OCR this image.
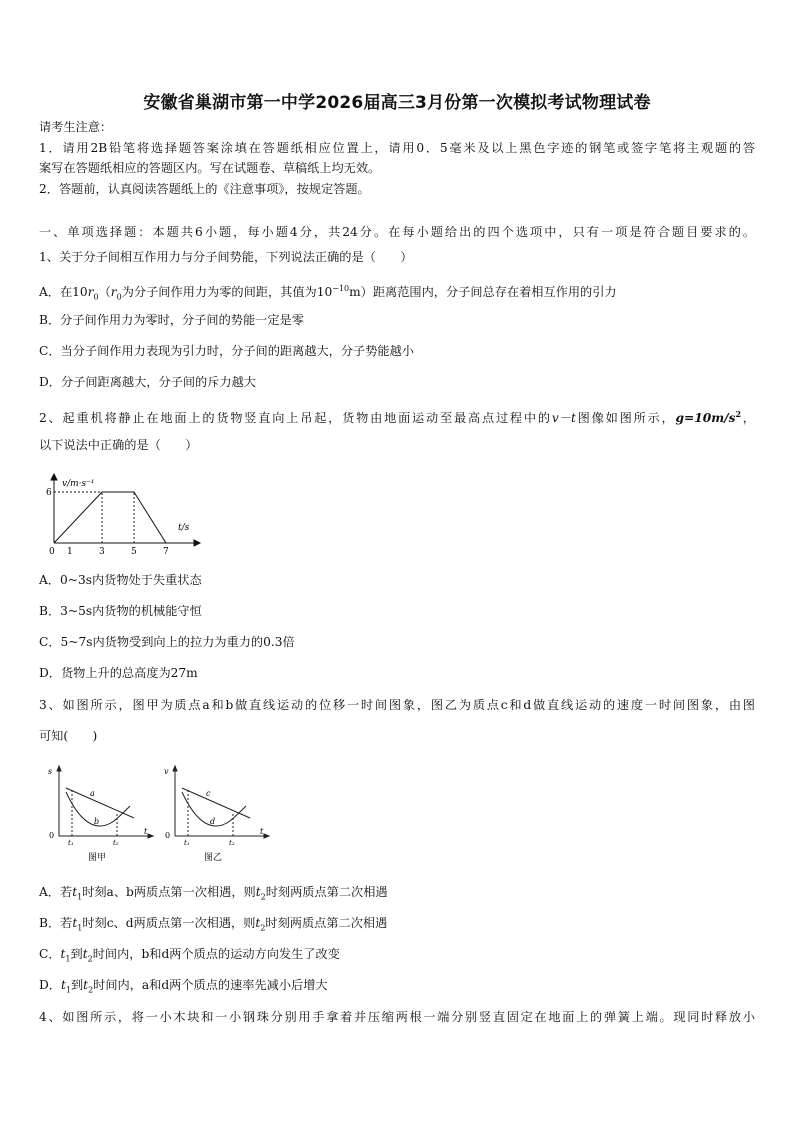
安徽省巢湖市第一中学2026届高三3月份第一次模拟考试物理试卷
请考生注意：
1．请用2B铅笔将选择题答案涂填在答题纸相应位置上，请用0．5毫米及以上黑色字迹的钢笔或签字笔将主观题的答
案写在答题纸相应的答题区内。写在试题卷、草稿纸上均无效。
2．答题前，认真阅读答题纸上的《注意事项》，按规定答题。
一、单项选择题：本题共6小题，每小题4分，共24分。在每小题给出的四个选项中，只有一项是符合题目要求的。
1、关于分子间相互作用力与分子间势能，下列说法正确的是（　　）
A．在$10r_0(r_0$为分子间作用力为零的间距，其值为$10^{-10}m$）距离范围内，分子间总存在着相互作用的引力
B．分子间作用力为零时，分子间的势能一定是零
C．当分子间作用力表现为引力时，分子间的距离越大，分子势能越小
D．分子间距离越大，分子间的斥力越大
2、起重机将静止在地面上的货物竖直向上吊起，货物由地面运动至最高点过程中的v－t图像如图所示，$g=10m/s^2$，
以下说法中正确的是（　　）
0 1	3	5	7
6
v/m·s⁻¹
t/s
A．0~3s内货物处于失重状态
B．3~5s内货物的机械能守恒
C．5~7s内货物受到向上的拉力为重力的0.3倍
D．货物上升的总高度为27m
3、如图所示，图甲为质点a和b做直线运动的位移一时间图象，图乙为质点c和d做直线运动的速度一时间图象，由图
可知(　　)
s
t
0
t₁	t₂
a
b
图甲
v
t
0
t₁	t₂
c
d
图乙
A．若$t_1$时刻a、b两质点第一次相遇，则$t_2$时刻两质点第二次相遇
B．若$t_1$时刻c、d两质点第一次相遇，则$t_2$时刻两质点第二次相遇
C．$t_1$到$t_2$时间内，b和d两个质点的运动方向发生了改变
D．$t_1$到$t_2$时间内，a和d两个质点的速率先减小后增大
4、如图所示，将一小木块和一小钢珠分别用手拿着并压缩两根一端分别竖直固定在地面上的弹簧上端。现同时释放小
